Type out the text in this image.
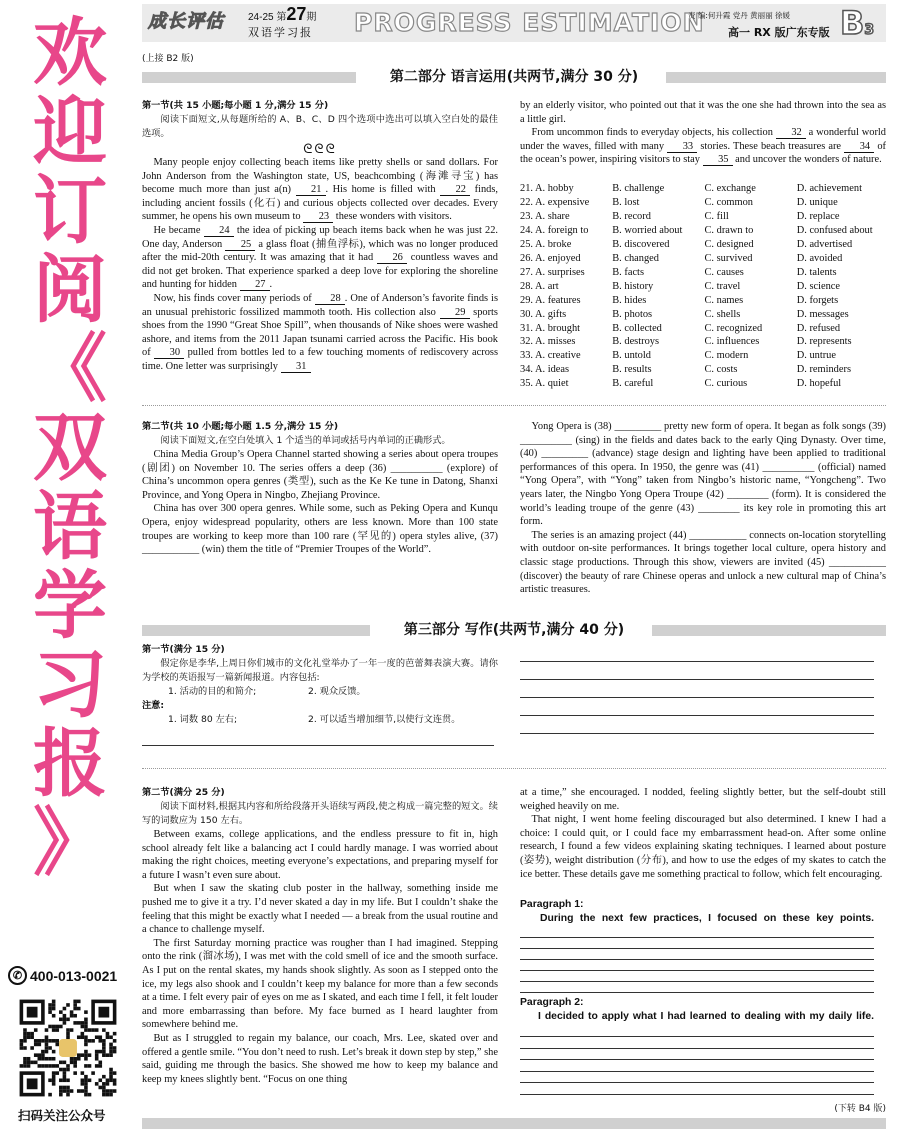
欢
迎
订
阅
《
双
语
学
习
报
》
✆ 400-013-0021
扫码关注公众号
成长评估 24-25 第27期
双语学习报 PROGRESS ESTIMATION
责 编:何升霞 党丹 黄丽丽 徐媛
高一 RX 版广东专版 B3
(上接 B2 版)
第二部分 语言运用(共两节,满分 30 分)
第一节(共 15 小题;每小题 1 分,满分 15 分)
阅读下面短文,从每题所给的 A、B、C、D 四个选项中选出可以填入空白处的最佳选项。
ᘓᘓᘓ

Many people enjoy collecting beach items like pretty shells or sand dollars. For John Anderson from the Washington state, US, beachcombing (海滩寻宝) has become much more than just a(n) 21 . His home is filled with 22 finds, including ancient fossils (化石) and curious objects collected over decades. Every summer, he opens his own museum to 23 these wonders with visitors.

He became 24 the idea of picking up beach items back when he was just 22. One day, Anderson 25 a glass float (捕鱼浮标), which was no longer produced after the mid-20th century. It was amazing that it had 26 countless waves and did not get broken. That experience sparked a deep love for exploring the shoreline and hunting for hidden 27 .

Now, his finds cover many periods of 28 . One of Anderson’s favorite finds is an unusual prehistoric fossilized mammoth tooth. His collection also 29 sports shoes from the 1990 “Great Shoe Spill”, when thousands of Nike shoes were washed ashore, and items from the 2011 Japan tsunami carried across the Pacific. His book of 30 pulled from bottles led to a few touching moments of rediscovery across time. One letter was surprisingly 31

by an elderly visitor, who pointed out that it was the one she had thrown into the sea as a little girl.

From uncommon finds to everyday objects, his collection 32 a wonderful world under the waves, filled with many 33 stories. These beach treasures are 34 of the ocean’s power, inspiring visitors to stay 35 and uncover the wonders of nature.

21. A. hobby	B. challenge	C. exchange	D. achievement
22. A. expensive	B. lost	C. common	D. unique
23. A. share	B. record	C. fill	D. replace
24. A. foreign to	B. worried about	C. drawn to	D. confused about
25. A. broke	B. discovered	C. designed	D. advertised
26. A. enjoyed	B. changed	C. survived	D. avoided
27. A. surprises	B. facts	C. causes	D. talents
28. A. art	B. history	C. travel	D. science
29. A. features	B. hides	C. names	D. forgets
30. A. gifts	B. photos	C. shells	D. messages
31. A. brought	B. collected	C. recognized	D. refused
32. A. misses	B. destroys	C. influences	D. represents
33. A. creative	B. untold	C. modern	D. untrue
34. A. ideas	B. results	C. costs	D. reminders
35. A. quiet	B. careful	C. curious	D. hopeful
第二节(共 10 小题;每小题 1.5 分,满分 15 分)
阅读下面短文,在空白处填入 1 个适当的单词或括号内单词的正确形式。

China Media Group’s Opera Channel started showing a series about opera troupes (剧团) on November 10. The series offers a deep (36) __________ (explore) of China’s uncommon opera genres (类型), such as the Ke Ke tune in Datong, Shanxi Province, and Yong Opera in Ningbo, Zhejiang Province.

China has over 300 opera genres. While some, such as Peking Opera and Kunqu Opera, enjoy widespread popularity, others are less known. More than 100 state troupes are working to keep more than 100 rare (罕见的) opera styles alive, (37) ___________ (win) them the title of “Premier Troupes of the World”.

Yong Opera is (38) _________ pretty new form of opera. It began as folk songs (39) __________ (sing) in the fields and dates back to the early Qing Dynasty. Over time, (40) _________ (advance) stage design and lighting have been applied to traditional performances of this opera. In 1950, the genre was (41) __________ (official) named “Yong Opera”, with “Yong” taken from Ningbo’s historic name, “Yongcheng”. Two years later, the Ningbo Yong Opera Troupe (42) ________ (form). It is considered the world’s leading troupe of the genre (43) ________ its key role in promoting this art form.

The series is an amazing project (44) ___________ connects on-location storytelling with outdoor on-site performances. It brings together local culture, opera history and classic stage productions. Through this show, viewers are invited (45) ___________ (discover) the beauty of rare Chinese operas and unlock a new cultural map of China’s artistic treasures.

第三部分 写作(共两节,满分 40 分)
第一节(满分 15 分)
假定你是李华,上周日你们城市的文化礼堂举办了一年一度的芭蕾舞表演大赛。请你为学校的英语报写一篇新闻报道。内容包括:
1. 活动的目的和简介;	2. 观众反馈。
注意:
1. 词数 80 左右;	2. 可以适当增加细节,以使行文连贯。
第二节(满分 25 分)
阅读下面材料,根据其内容和所给段落开头语续写两段,使之构成一篇完整的短文。续写的词数应为 150 左右。

Between exams, college applications, and the endless pressure to fit in, high school already felt like a balancing act I could hardly manage. I was worried about making the right choices, meeting everyone’s expectations, and preparing myself for a future I wasn’t even sure about.

But when I saw the skating club poster in the hallway, something inside me pushed me to give it a try. I’d never skated a day in my life. But I couldn’t shake the feeling that this might be exactly what I needed — a break from the usual routine and a chance to challenge myself.

The first Saturday morning practice was rougher than I had imagined. Stepping onto the rink (溜冰场), I was met with the cold smell of ice and the smooth surface. As I put on the rental skates, my hands shook slightly. As soon as I stepped onto the ice, my legs also shook and I couldn’t keep my balance for more than a few seconds at a time. I felt every pair of eyes on me as I skated, and each time I fell, it felt louder and more embarrassing than before. My face burned as I heard laughter from somewhere behind me.

But as I struggled to regain my balance, our coach, Mrs. Lee, skated over and offered a gentle smile. “You don’t need to rush. Let’s break it down step by step,” she said, guiding me through the basics. She showed me how to keep my balance and keep my knees slightly bent. “Focus on one thing

at a time,” she encouraged. I nodded, feeling slightly better, but the self-doubt still weighed heavily on me.

That night, I went home feeling discouraged but also determined. I knew I had a choice: I could quit, or I could face my embarrassment head-on. After some online research, I found a few videos explaining skating techniques. I learned about posture (姿势), weight distribution (分布), and how to use the edges of my skates to catch the ice better. These details gave me something practical to follow, which felt encouraging.

Paragraph 1:
During the next few practices, I focused on these key points.
Paragraph 2:
I decided to apply what I had learned to dealing with my daily life.
(下转 B4 版)
